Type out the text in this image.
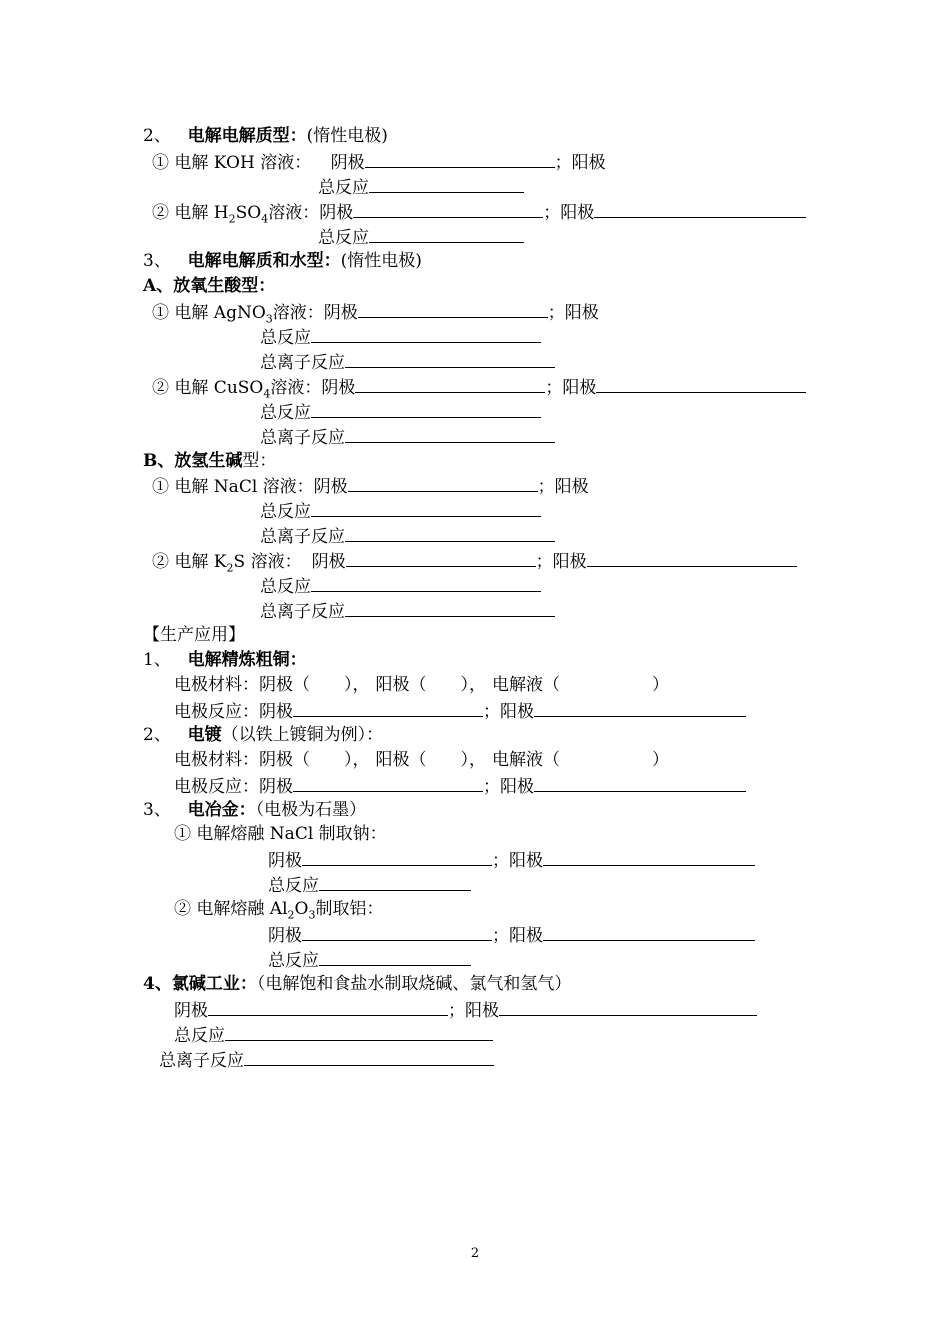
2、 电解电解质型：(惰性电极)
① 电解 KOH 溶液： 阴极	；阳极
总反应
② 电解 $H_2SO_4$溶液：阴极	；阳极
总反应
3、 电解电解质和水型：(惰性电极)
A、放氧生酸型：
① 电解 AgNO$_3$溶液：阴极	；阳极
总反应
总离子反应
② 电解 CuSO$_4$溶液：阴极	；阳极
总反应
总离子反应
B、放氢生碱型：
① 电解 NaCl 溶液：阴极	；阳极
总反应
总离子反应
② 电解 $K_2S$ 溶液： 阴极	；阳极
总反应
总离子反应
【生产应用】
1、 电解精炼粗铜：
电极材料：阴极（ ）， 阳极（ ）， 电解液（	）
电极反应：阴极	；阳极
2、 电镀（以铁上镀铜为例）：
电极材料：阴极（ ）， 阳极（ ）， 电解液（	）
电极反应：阴极	；阳极
3、 电冶金：（电极为石墨）
① 电解熔融 NaCl 制取钠：
阴极	；阳极
总反应
② 电解熔融 $Al_2O_3$制取铝：
阴极	；阳极
总反应
4、氯碱工业：（电解饱和食盐水制取烧碱、氯气和氢气）
阴极	；阳极
总反应
总离子反应
2
